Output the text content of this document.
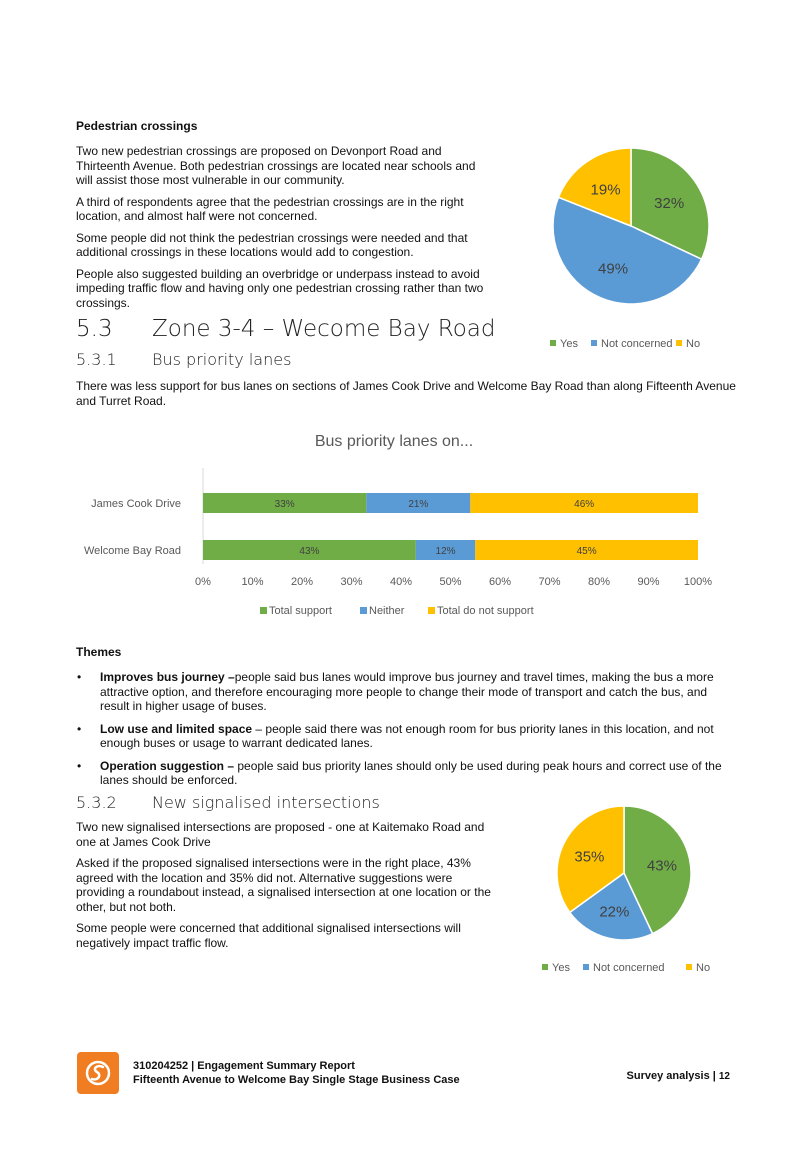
Pedestrian crossings

Two new pedestrian crossings are proposed on Devonport Road and Thirteenth Avenue. Both pedestrian crossings are located near schools and will assist those most vulnerable in our community.

A third of respondents agree that the pedestrian crossings are in the right location, and almost half were not concerned.

Some people did not think the pedestrian crossings were needed and that additional crossings in these locations would add to congestion.

People also suggested building an overbridge or underpass instead to avoid impeding traffic flow and having only one pedestrian crossing rather than two crossings.

32%
49%
19%
Yes Not concerned No
5.3 Zone 3-4 – Wecome Bay Road
5.3.1 Bus priority lanes

There was less support for bus lanes on sections of James Cook Drive and Welcome Bay Road than along Fifteenth Avenue and Turret Road.

Bus priority lanes on...
0%	10% 20% 30% 40% 50% 60% 70% 80% 90% 100%
James Cook Drive	33%	21%	46%
Welcome Bay Road	43%	12%	45%
Total support	Neither	Total do not support
Themes
• Improves bus journey –people said bus lanes would improve bus journey and travel times, making the bus a more attractive option, and therefore encouraging more people to change their mode of transport and catch the bus, and result in higher usage of buses.
• Low use and limited space – people said there was not enough room for bus priority lanes in this location, and not enough buses or usage to warrant dedicated lanes.
• Operation suggestion – people said bus priority lanes should only be used during peak hours and correct use of the lanes should be enforced.
5.3.2 New signalised intersections

Two new signalised intersections are proposed - one at Kaitemako Road and one at James Cook Drive

Asked if the proposed signalised intersections were in the right place, 43% agreed with the location and 35% did not. Alternative suggestions were providing a roundabout instead, a signalised intersection at one location or the other, but not both.

Some people were concerned that additional signalised intersections will negatively impact traffic flow.

43%
22%
35%
Yes Not concerned	No
310204252 | Engagement Summary Report
Fifteenth Avenue to Welcome Bay Single Stage Business Case	Survey analysis | 12
